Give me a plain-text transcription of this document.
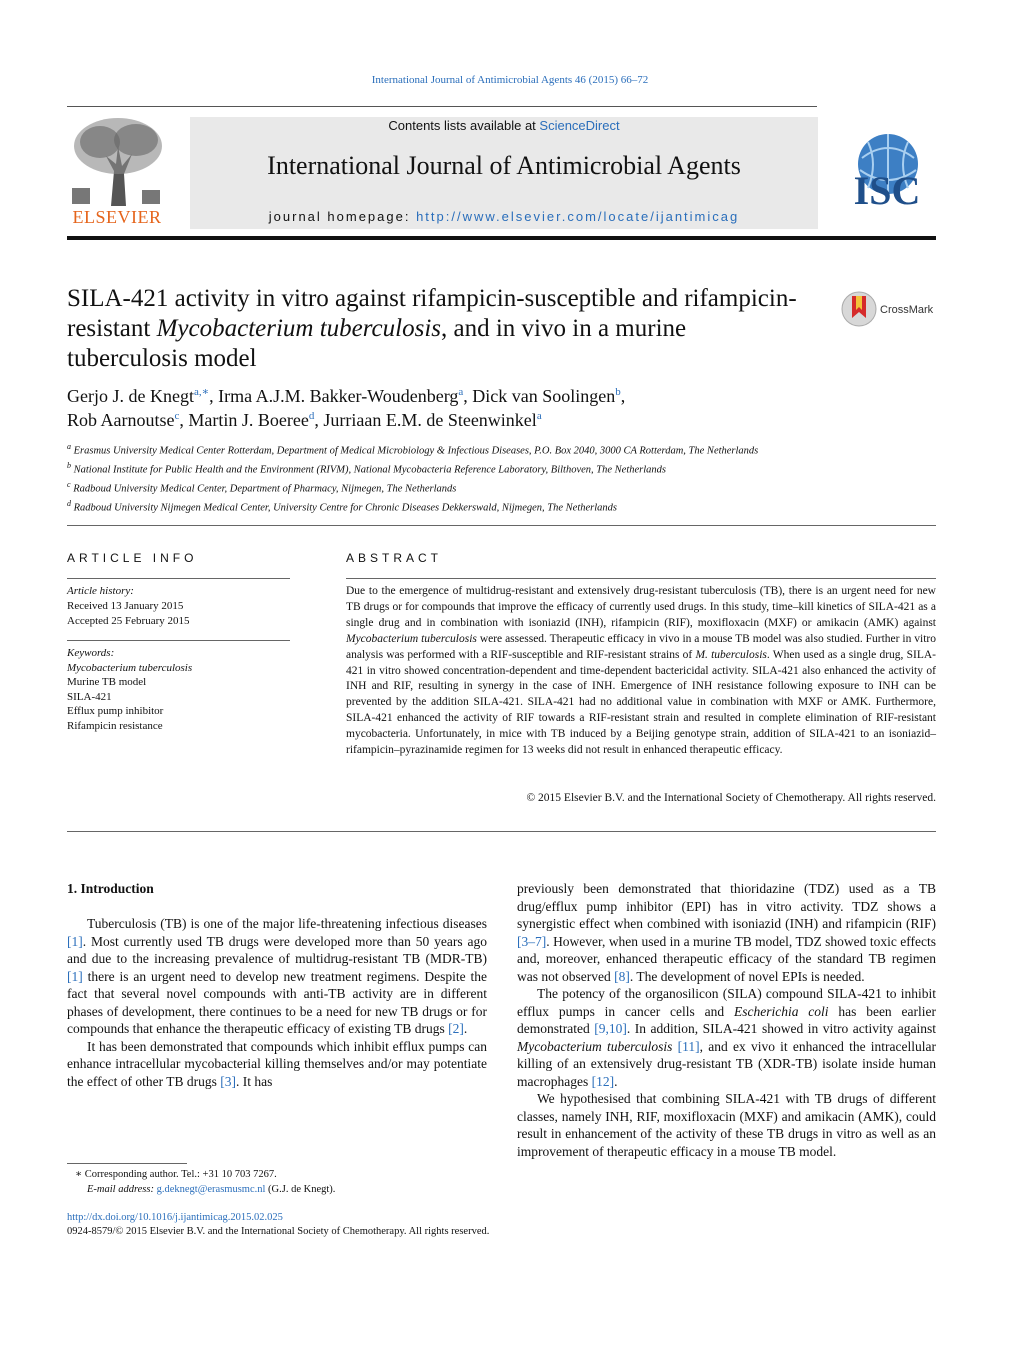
International Journal of Antimicrobial Agents 46 (2015) 66–72
ELSEVIER
Contents lists available at ScienceDirect
International Journal of Antimicrobial Agents
journal homepage: http://www.elsevier.com/locate/ijantimicag
ISC
SILA-421 activity in vitro against rifampicin-susceptible and rifampicin-resistant Mycobacterium tuberculosis, and in vivo in a murine tuberculosis model
CrossMark
Gerjo J. de Knegt$^{a,∗}$, Irma A.J.M. Bakker-Woudenberg$^a$, Dick van Soolingen$^b$,
Rob Aarnoutse$^c$, Martin J. Boeree$^d$, Jurriaan E.M. de Steenwinkel$^a$
$^a$ Erasmus University Medical Center Rotterdam, Department of Medical Microbiology & Infectious Diseases, P.O. Box 2040, 3000 CA Rotterdam, The Netherlands
$^b$ National Institute for Public Health and the Environment (RIVM), National Mycobacteria Reference Laboratory, Bilthoven, The Netherlands
$^c$ Radboud University Medical Center, Department of Pharmacy, Nijmegen, The Netherlands
$^d$ Radboud University Nijmegen Medical Center, University Centre for Chronic Diseases Dekkerswald, Nijmegen, The Netherlands
ARTICLE INFO
Article history:
Received 13 January 2015
Accepted 25 February 2015
Keywords:
Mycobacterium tuberculosis
Murine TB model
SILA-421
Efflux pump inhibitor
Rifampicin resistance
ABSTRACT
Due to the emergence of multidrug-resistant and extensively drug-resistant tuberculosis (TB), there is an urgent need for new TB drugs or for compounds that improve the efficacy of currently used drugs. In this study, time–kill kinetics of SILA-421 as a single drug and in combination with isoniazid (INH), rifampicin (RIF), moxifloxacin (MXF) or amikacin (AMK) against Mycobacterium tuberculosis were assessed. Therapeutic efficacy in vivo in a mouse TB model was also studied. Further in vitro analysis was performed with a RIF-susceptible and RIF-resistant strains of M. tuberculosis. When used as a single drug, SILA-421 in vitro showed concentration-dependent and time-dependent bactericidal activity. SILA-421 also enhanced the activity of INH and RIF, resulting in synergy in the case of INH. Emergence of INH resistance following exposure to INH can be prevented by the addition SILA-421. SILA-421 had no additional value in combination with MXF or AMK. Furthermore, SILA-421 enhanced the activity of RIF towards a RIF-resistant strain and resulted in complete elimination of RIF-resistant mycobacteria. Unfortunately, in mice with TB induced by a Beijing genotype strain, addition of SILA-421 to an isoniazid–rifampicin–pyrazinamide regimen for 13 weeks did not result in enhanced therapeutic efficacy.
© 2015 Elsevier B.V. and the International Society of Chemotherapy. All rights reserved.
1. Introduction

Tuberculosis (TB) is one of the major life-threatening infectious diseases [1]. Most currently used TB drugs were developed more than 50 years ago and due to the increasing prevalence of multidrug-resistant TB (MDR-TB) [1] there is an urgent need to develop new treatment regimens. Despite the fact that several novel compounds with anti-TB activity are in different phases of development, there continues to be a need for new TB drugs or for compounds that enhance the therapeutic efficacy of existing TB drugs [2].

It has been demonstrated that compounds which inhibit efflux pumps can enhance intracellular mycobacterial killing themselves and/or may potentiate the effect of other TB drugs [3]. It has

previously been demonstrated that thioridazine (TDZ) used as a TB drug/efflux pump inhibitor (EPI) has in vitro activity. TDZ shows a synergistic effect when combined with isoniazid (INH) and rifampicin (RIF) [3–7]. However, when used in a murine TB model, TDZ showed toxic effects and, moreover, enhanced therapeutic efficacy of the standard TB regimen was not observed [8]. The development of novel EPIs is needed.

The potency of the organosilicon (SILA) compound SILA-421 to inhibit efflux pumps in cancer cells and Escherichia coli has been earlier demonstrated [9,10]. In addition, SILA-421 showed in vitro activity against Mycobacterium tuberculosis [11], and ex vivo it enhanced the intracellular killing of an extensively drug-resistant TB (XDR-TB) isolate inside human macrophages [12].

We hypothesised that combining SILA-421 with TB drugs of different classes, namely INH, RIF, moxifloxacin (MXF) and amikacin (AMK), could result in enhancement of the activity of these TB drugs in vitro as well as an improvement of therapeutic efficacy in a mouse TB model.

∗ Corresponding author. Tel.: +31 10 703 7267.
E-mail address: g.deknegt@erasmusmc.nl (G.J. de Knegt).
http://dx.doi.org/10.1016/j.ijantimicag.2015.02.025
0924-8579/© 2015 Elsevier B.V. and the International Society of Chemotherapy. All rights reserved.
